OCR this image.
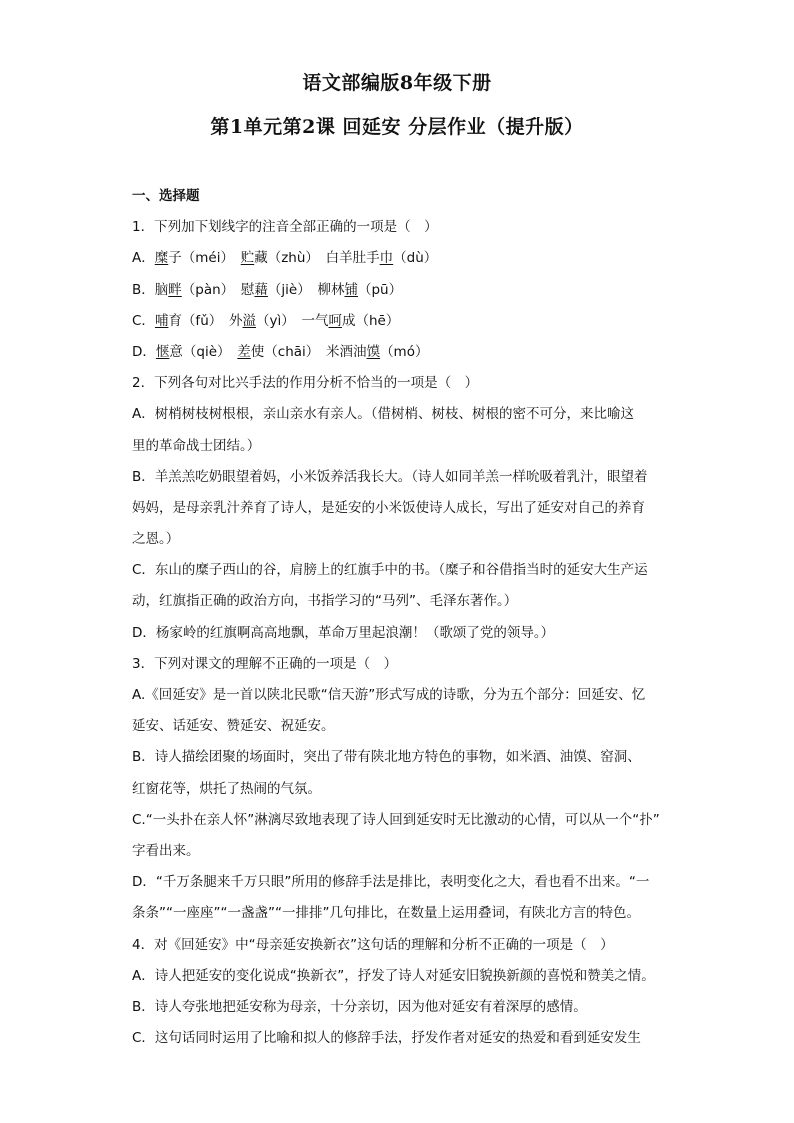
语文部编版8年级下册
第1单元第2课 回延安 分层作业（提升版）
一、选择题
1．下列加下划线字的注音全部正确的一项是（　）
A．糜子（méi）　贮藏（zhù）　白羊肚手巾（dù）
B．脑畔（pàn）　慰藉（jiè）　柳林铺（pū）
C．哺育（fǔ）　外溢（yì）　一气呵成（hē）
D．惬意（qiè）　差使（chāi）　米酒油馍（mó）
2．下列各句对比兴手法的作用分析不恰当的一项是（　）
A．树梢树枝树根根，亲山亲水有亲人。（借树梢、树枝、树根的密不可分，来比喻这
里的革命战士团结。）
B．羊羔羔吃奶眼望着妈，小米饭养活我长大。（诗人如同羊羔一样吮吸着乳汁，眼望着
妈妈，是母亲乳汁养育了诗人，是延安的小米饭使诗人成长，写出了延安对自己的养育
之恩。）
C．东山的糜子西山的谷，肩膀上的红旗手中的书。（糜子和谷借指当时的延安大生产运
动，红旗指正确的政治方向，书指学习的“马列”、毛泽东著作。）
D．杨家岭的红旗啊高高地飘，革命万里起浪潮！（歌颂了党的领导。）
3．下列对课文的理解不正确的一项是（　）
A.《回延安》是一首以陕北民歌“信天游”形式写成的诗歌，分为五个部分：回延安、忆
延安、话延安、赞延安、祝延安。
B．诗人描绘团聚的场面时，突出了带有陕北地方特色的事物，如米酒、油馍、窑洞、
红窗花等，烘托了热闹的气氛。
C.“一头扑在亲人怀”淋漓尽致地表现了诗人回到延安时无比激动的心情，可以从一个“扑”
字看出来。
D．“千万条腿来千万只眼”所用的修辞手法是排比，表明变化之大，看也看不出来。“一
条条”“一座座”“一盏盏”“一排排”几句排比，在数量上运用叠词，有陕北方言的特色。
4．对《回延安》中“母亲延安换新衣”这句话的理解和分析不正确的一项是（　）
A．诗人把延安的变化说成“换新衣”，抒发了诗人对延安旧貌换新颜的喜悦和赞美之情。
B．诗人夸张地把延安称为母亲，十分亲切，因为他对延安有着深厚的感情。
C．这句话同时运用了比喻和拟人的修辞手法，抒发作者对延安的热爱和看到延安发生
